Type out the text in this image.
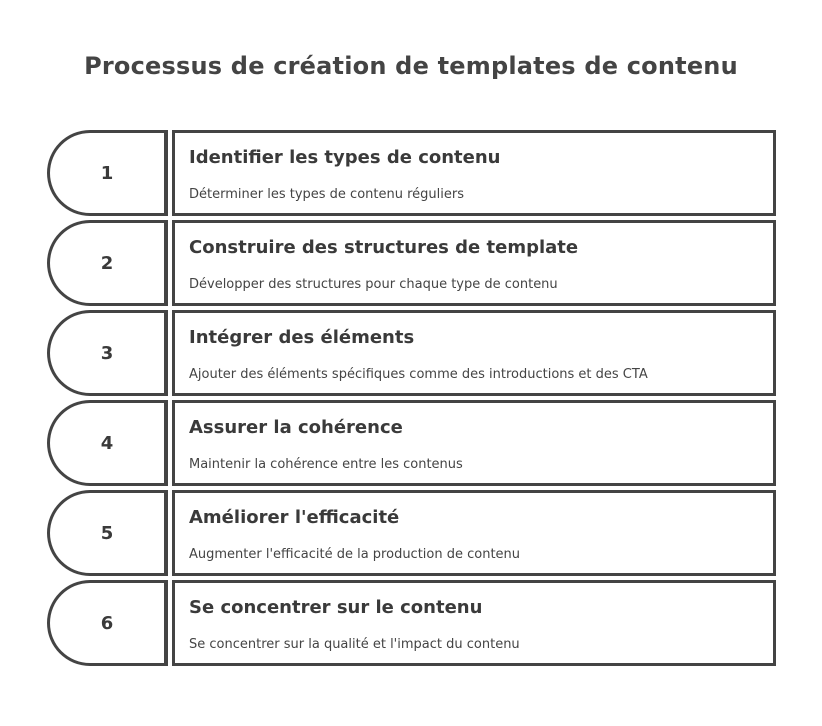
Processus de création de templates de contenu
1
Identifier les types de contenu
Déterminer les types de contenu réguliers
2
Construire des structures de template
Développer des structures pour chaque type de contenu
3
Intégrer des éléments
Ajouter des éléments spécifiques comme des introductions et des CTA
4
Assurer la cohérence
Maintenir la cohérence entre les contenus
5
Améliorer l'efficacité
Augmenter l'efficacité de la production de contenu
6
Se concentrer sur le contenu
Se concentrer sur la qualité et l'impact du contenu
